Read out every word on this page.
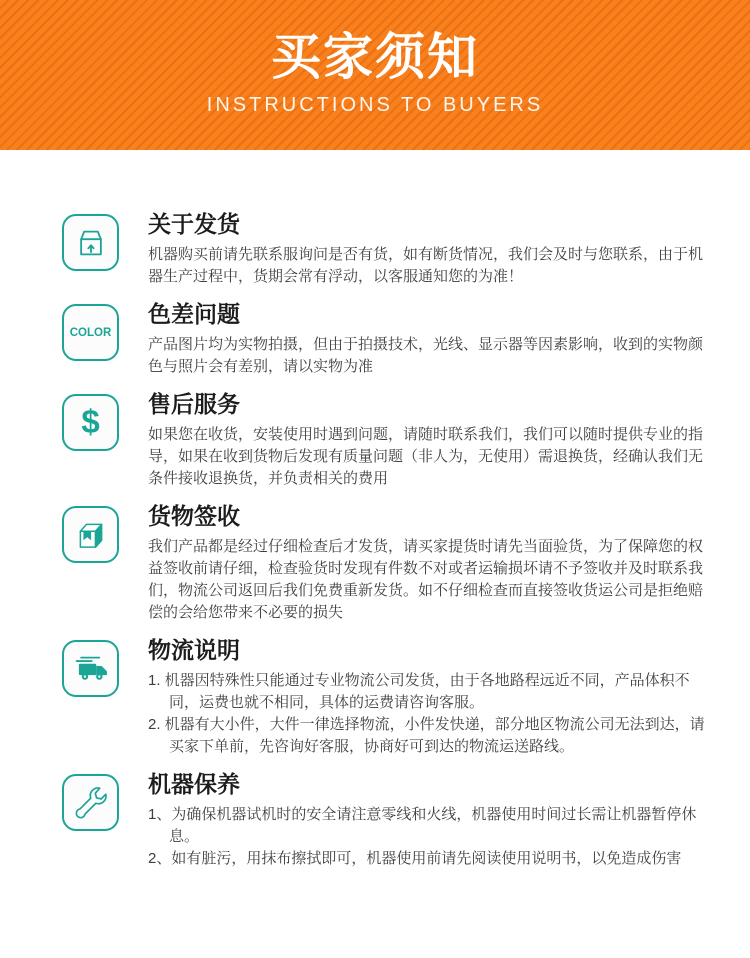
买家须知
INSTRUCTIONS TO BUYERS
关于发货

机器购买前请先联系服询问是否有货，如有断货情况，我们会及时与您联系，由于机器生产过程中，货期会常有浮动，以客服通知您的为准！

COLOR
色差问题

产品图片均为实物拍摄，但由于拍摄技术，光线、显示器等因素影响，收到的实物颜色与照片会有差别，请以实物为准

$ 售后服务

如果您在收货，安装使用时遇到问题，请随时联系我们，我们可以随时提供专业的指导，如果在收到货物后发现有质量问题（非人为，无使用）需退换货，经确认我们无条件接收退换货，并负责相关的费用

货物签收

我们产品都是经过仔细检查后才发货，请买家提货时请先当面验货，为了保障您的权益签收前请仔细，检查验货时发现有件数不对或者运输损坏请不予签收并及时联系我们，物流公司返回后我们免费重新发货。如不仔细检查而直接签收货运公司是拒绝赔偿的会给您带来不必要的损失

物流说明

1. 机器因特殊性只能通过专业物流公司发货，由于各地路程远近不同，产品体积不同，运费也就不相同，具体的运费请咨询客服。

2. 机器有大小件，大件一律选择物流，小件发快递，部分地区物流公司无法到达，请买家下单前，先咨询好客服，协商好可到达的物流运送路线。

机器保养

1、为确保机器试机时的安全请注意零线和火线，机器使用时间过长需让机器暂停休息。

2、如有脏污，用抹布擦拭即可，机器使用前请先阅读使用说明书，以免造成伤害
